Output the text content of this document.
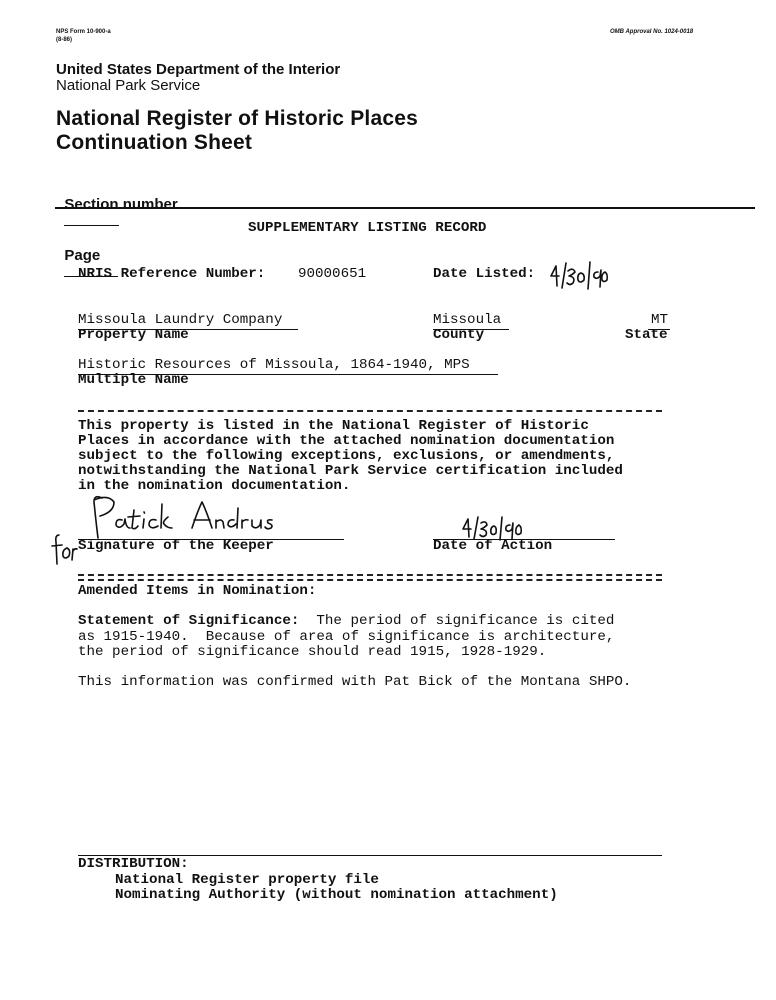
NPS Form 10-900-a
(8-86)
OMB Approval No. 1024-0018
United States Department of the Interior
National Park Service
National Register of Historic Places
Continuation Sheet

Section number

Page

SUPPLEMENTARY LISTING RECORD
NRIS Reference Number: 90000651	Date Listed:
Missoula Laundry Company
Property Name
Missoula
County
MT
State
Historic Resources of Missoula, 1864-1940, MPS
Multiple Name
This property is listed in the National Register of Historic
Places in accordance with the attached nomination documentation
subject to the following exceptions, exclusions, or amendments,
notwithstanding the National Park Service certification included
in the nomination documentation.
Signature of the Keeper	Date of Action
Amended Items in Nomination:
Statement of Significance: The period of significance is cited
as 1915-1940.  Because of area of significance is architecture,
the period of significance should read 1915, 1928-1929.
This information was confirmed with Pat Bick of the Montana SHPO.
DISTRIBUTION:
National Register property file
Nominating Authority (without nomination attachment)
